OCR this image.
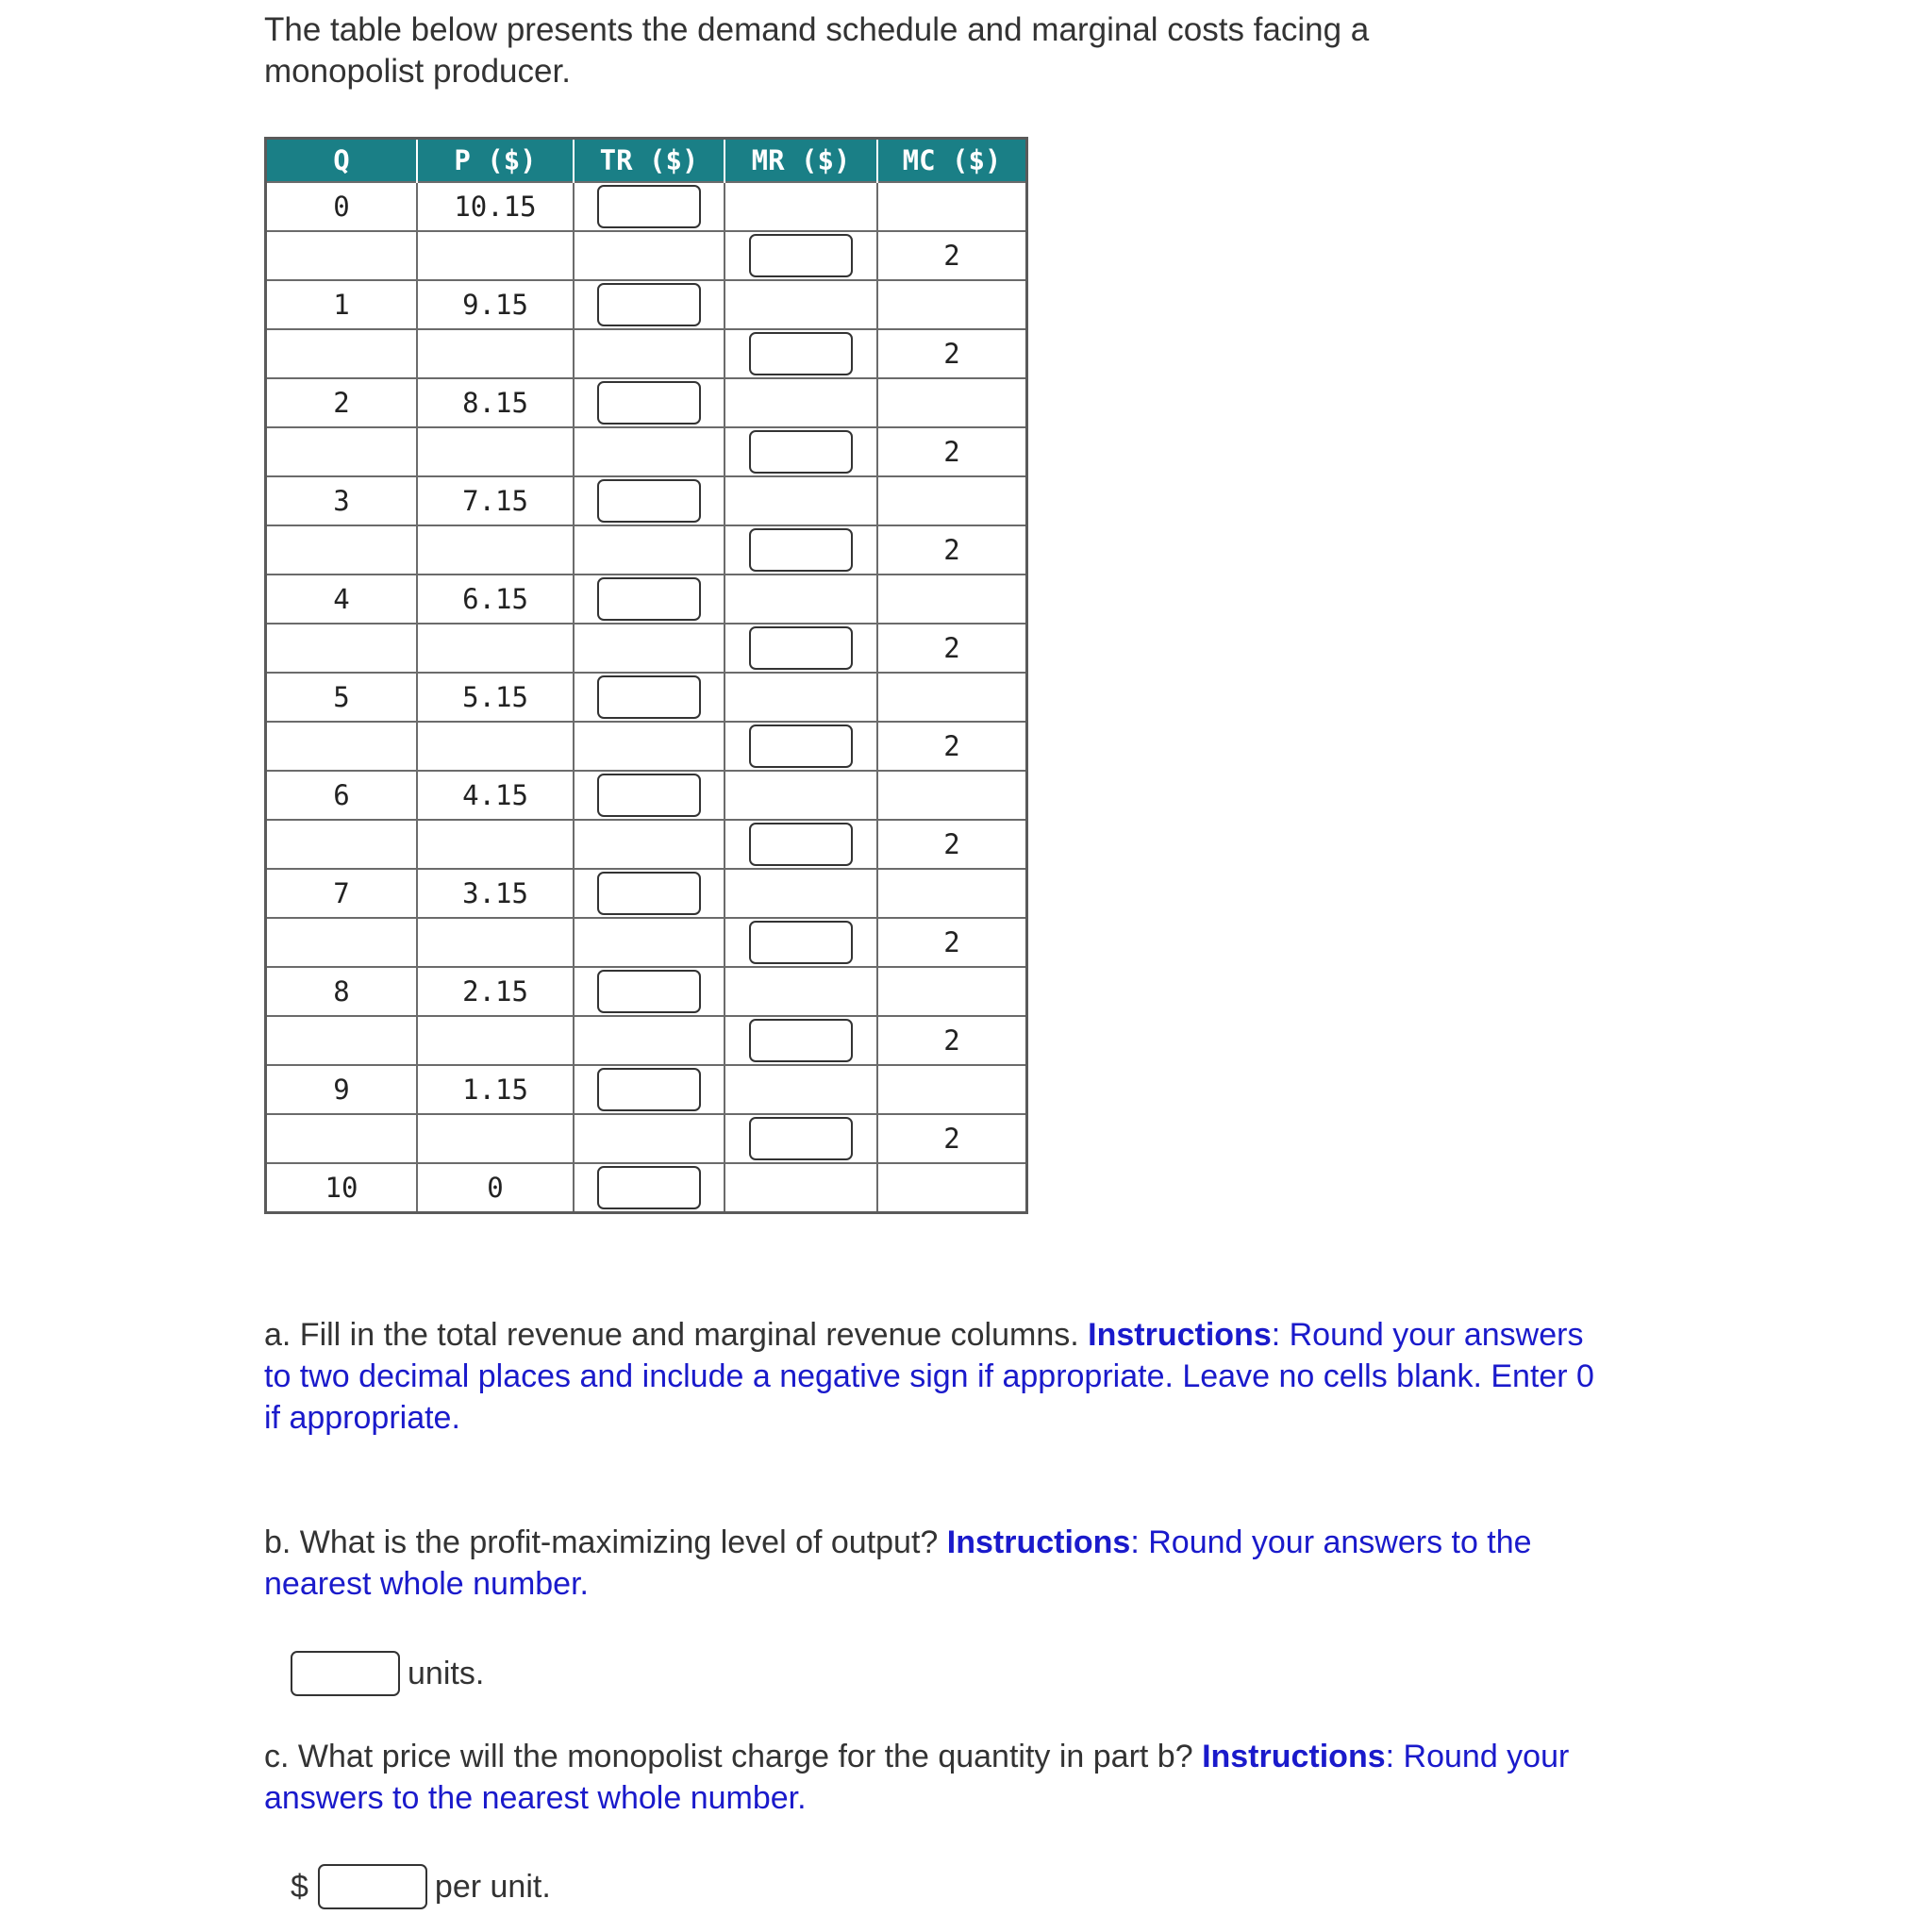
The table below presents the demand schedule and marginal costs facing a monopolist producer.

Q	P ($)	TR ($)	MR ($)	MC ($)
0	10.15			
				2
1	9.15			
				2
2	8.15			
				2
3	7.15			
				2
4	6.15			
				2
5	5.15			
				2
6	4.15			
				2
7	3.15			
				2
8	2.15			
				2
9	1.15			
				2
10	0			
a. Fill in the total revenue and marginal revenue columns. Instructions: Round your answers to two decimal places and include a negative sign if appropriate. Leave no cells blank. Enter 0 if appropriate.
b. What is the profit-maximizing level of output? Instructions: Round your answers to the nearest whole number.
units.
c. What price will the monopolist charge for the quantity in part b? Instructions: Round your answers to the nearest whole number.
$	per unit.
